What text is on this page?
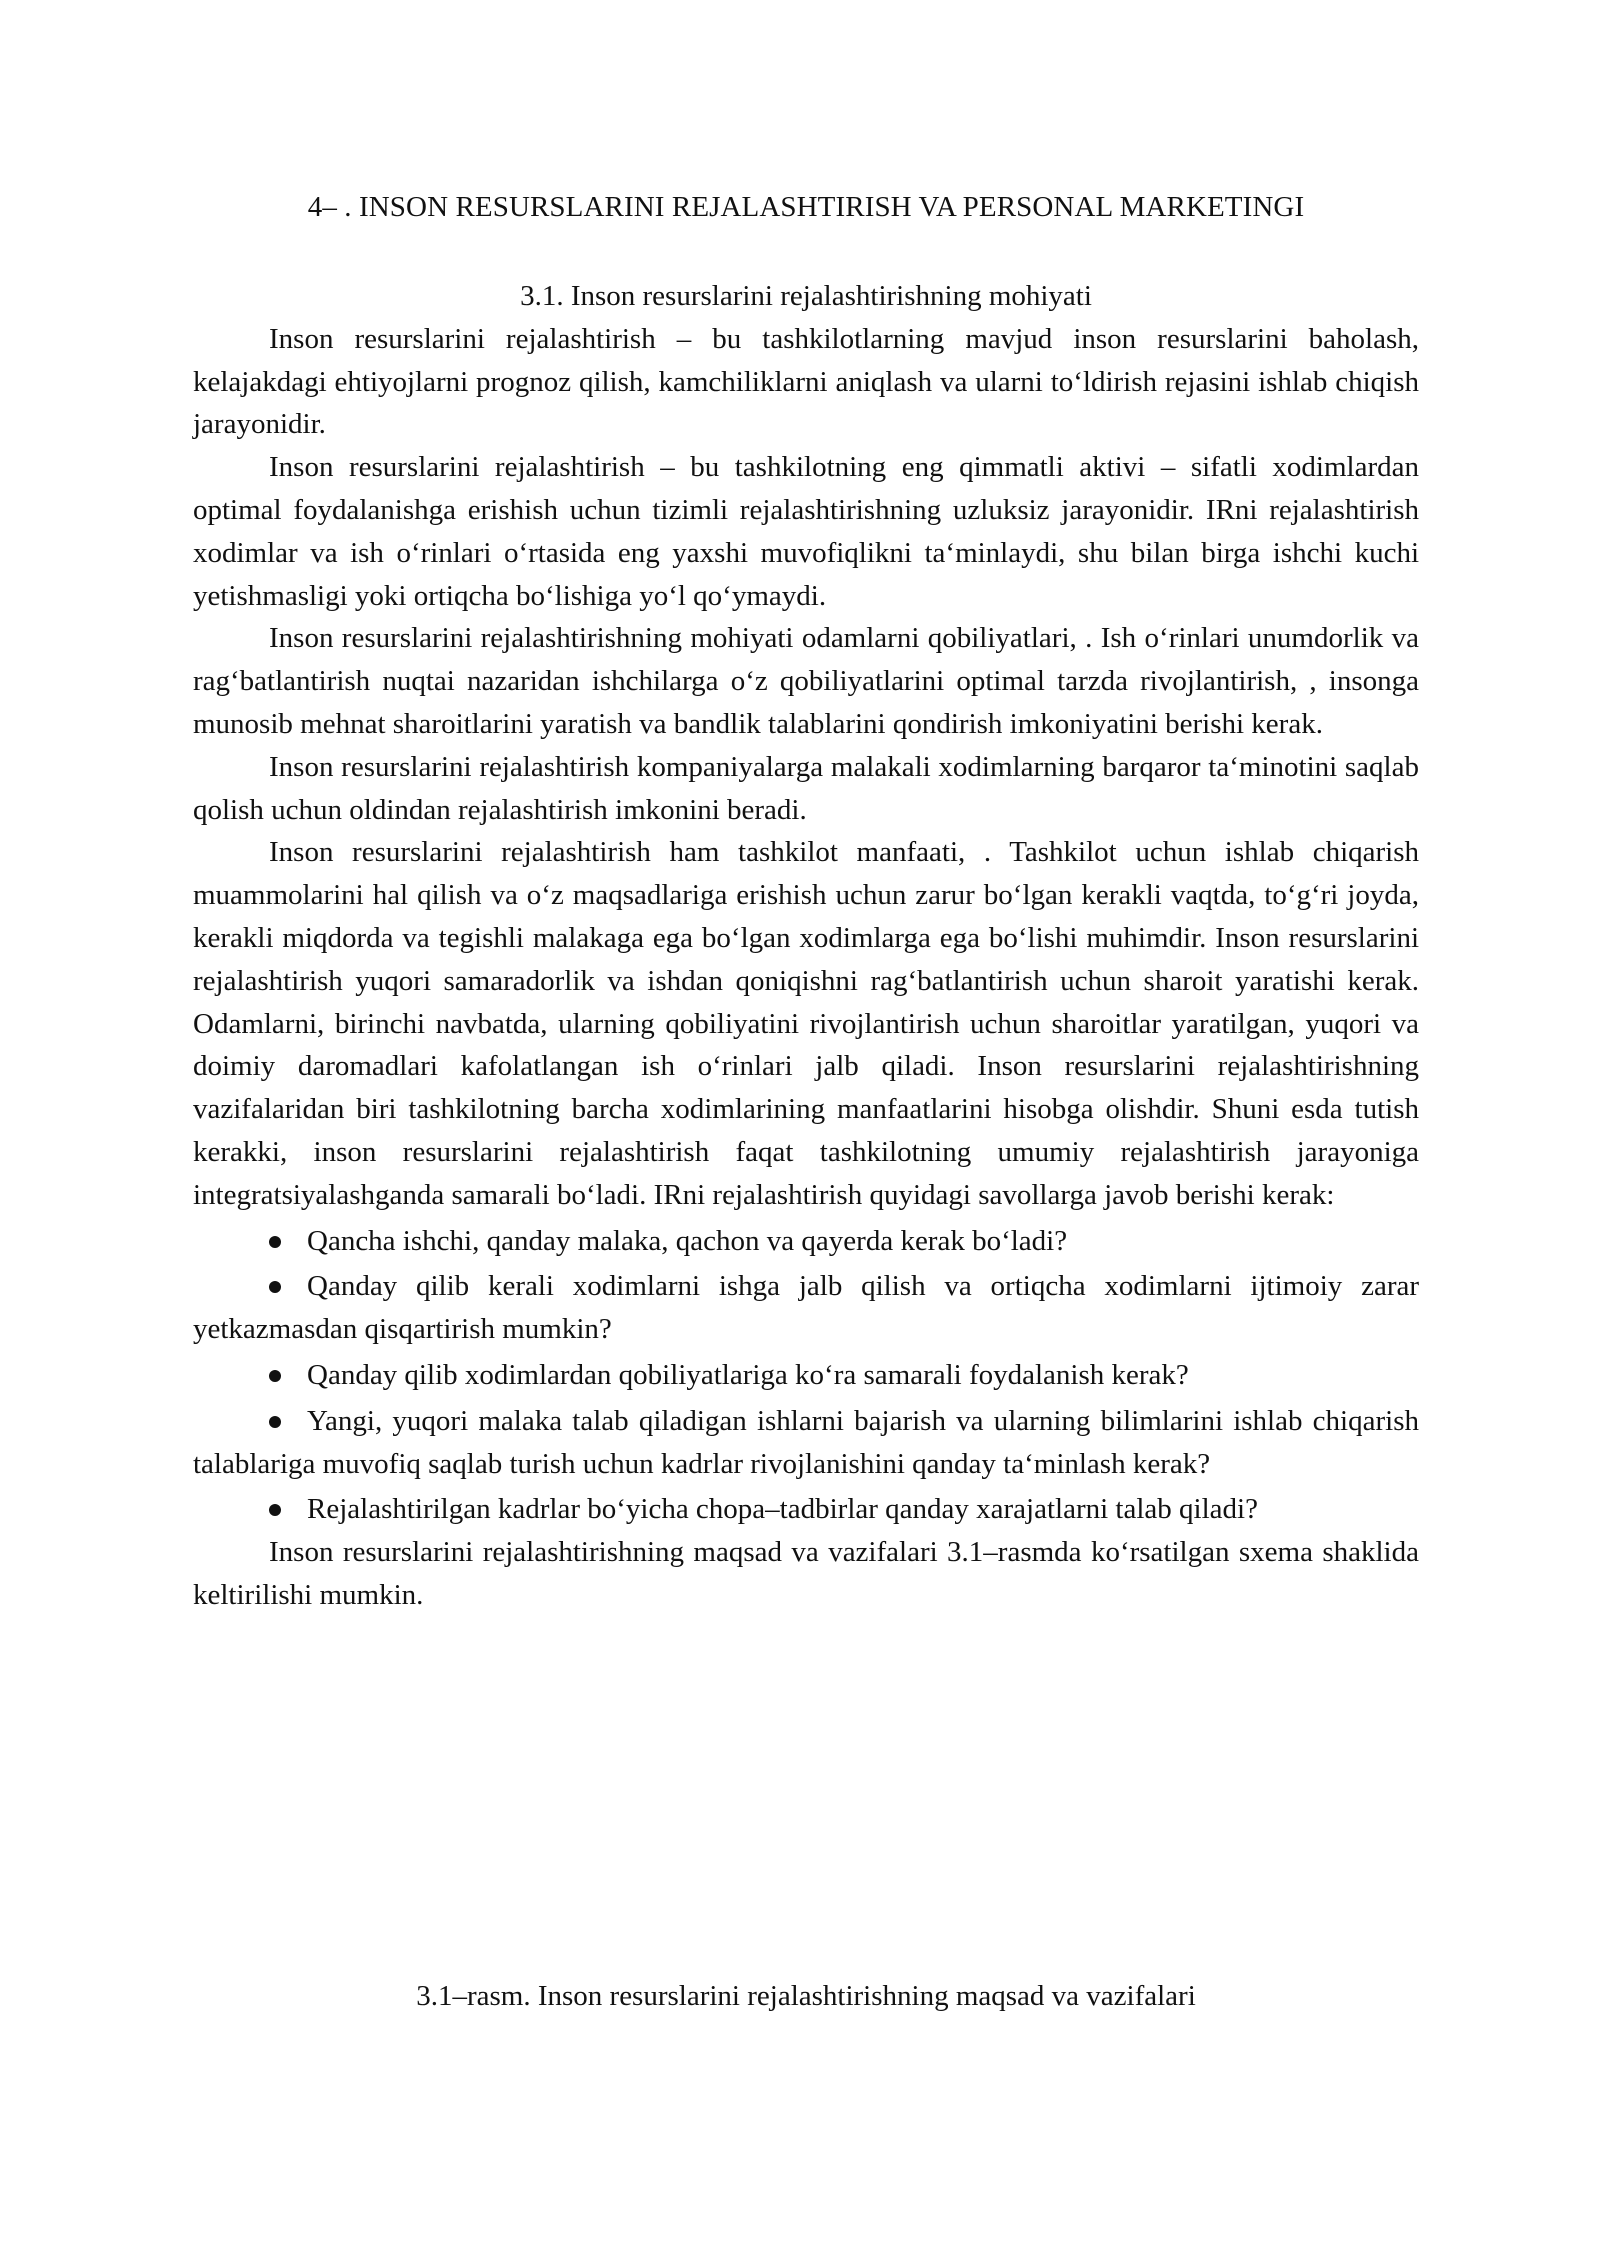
4– . INSON RESURSLARINI REJALASHTIRISH VA PERSONAL MARKETINGI
3.1. Inson resurslarini rejalashtirishning mohiyati

Inson resurslarini rejalashtirish – bu tashkilotlarning mavjud inson resurslarini baholash, kelajakdagi ehtiyojlarni prognoz qilish, kamchiliklarni aniqlash va ularni to‘ldirish rejasini ishlab chiqish jarayonidir.

Inson resurslarini rejalashtirish – bu tashkilotning eng qimmatli aktivi – sifatli xodimlardan optimal foydalanishga erishish uchun tizimli rejalashtirishning uzluksiz jarayonidir. IRni rejalashtirish xodimlar va ish o‘rinlari o‘rtasida eng yaxshi muvofiqlikni ta‘minlaydi, shu bilan birga ishchi kuchi yetishmasligi yoki ortiqcha bo‘lishiga yo‘l qo‘ymaydi.

Inson resurslarini rejalashtirishning mohiyati odamlarni qobiliyatlari, . Ish o‘rinlari unumdorlik va rag‘batlantirish nuqtai nazaridan ishchilarga o‘z qobiliyatlarini optimal tarzda rivojlantirish, , insonga munosib mehnat sharoitlarini yaratish va bandlik talablarini qondirish imkoniyatini berishi kerak.

Inson resurslarini rejalashtirish kompaniyalarga malakali xodimlarning barqaror ta‘minotini saqlab qolish uchun oldindan rejalashtirish imkonini beradi.

Inson resurslarini rejalashtirish ham tashkilot manfaati, . Tashkilot uchun ishlab chiqarish muammolarini hal qilish va o‘z maqsadlariga erishish uchun zarur bo‘lgan kerakli vaqtda, to‘g‘ri joyda, kerakli miqdorda va tegishli malakaga ega bo‘lgan xodimlarga ega bo‘lishi muhimdir. Inson resurslarini rejalashtirish yuqori samaradorlik va ishdan qoniqishni rag‘batlantirish uchun sharoit yaratishi kerak. Odamlarni, birinchi navbatda, ularning qobiliyatini rivojlantirish uchun sharoitlar yaratilgan, yuqori va doimiy daromadlari kafolatlangan ish o‘rinlari jalb qiladi. Inson resurslarini rejalashtirishning vazifalaridan biri tashkilotning barcha xodimlarining manfaatlarini hisobga olishdir. Shuni esda tutish kerakki, inson resurslarini rejalashtirish faqat tashkilotning umumiy rejalashtirish jarayoniga integratsiyalashganda samarali bo‘ladi. IRni rejalashtirish quyidagi savollarga javob berishi kerak:

Qancha ishchi, qanday malaka, qachon va qayerda kerak bo‘ladi?
Qanday qilib kerali xodimlarni ishga jalb qilish va ortiqcha xodimlarni ijtimoiy zarar yetkazmasdan qisqartirish mumkin?
Qanday qilib xodimlardan qobiliyatlariga ko‘ra samarali foydalanish kerak?
Yangi, yuqori malaka talab qiladigan ishlarni bajarish va ularning bilimlarini ishlab chiqarish talablariga muvofiq saqlab turish uchun kadrlar rivojlanishini qanday ta‘minlash kerak?
Rejalashtirilgan kadrlar bo‘yicha chopa–tadbirlar qanday xarajatlarni talab qiladi?

Inson resurslarini rejalashtirishning maqsad va vazifalari 3.1–rasmda ko‘rsatilgan sxema shaklida keltirilishi mumkin.

3.1–rasm. Inson resurslarini rejalashtirishning maqsad va vazifalari
